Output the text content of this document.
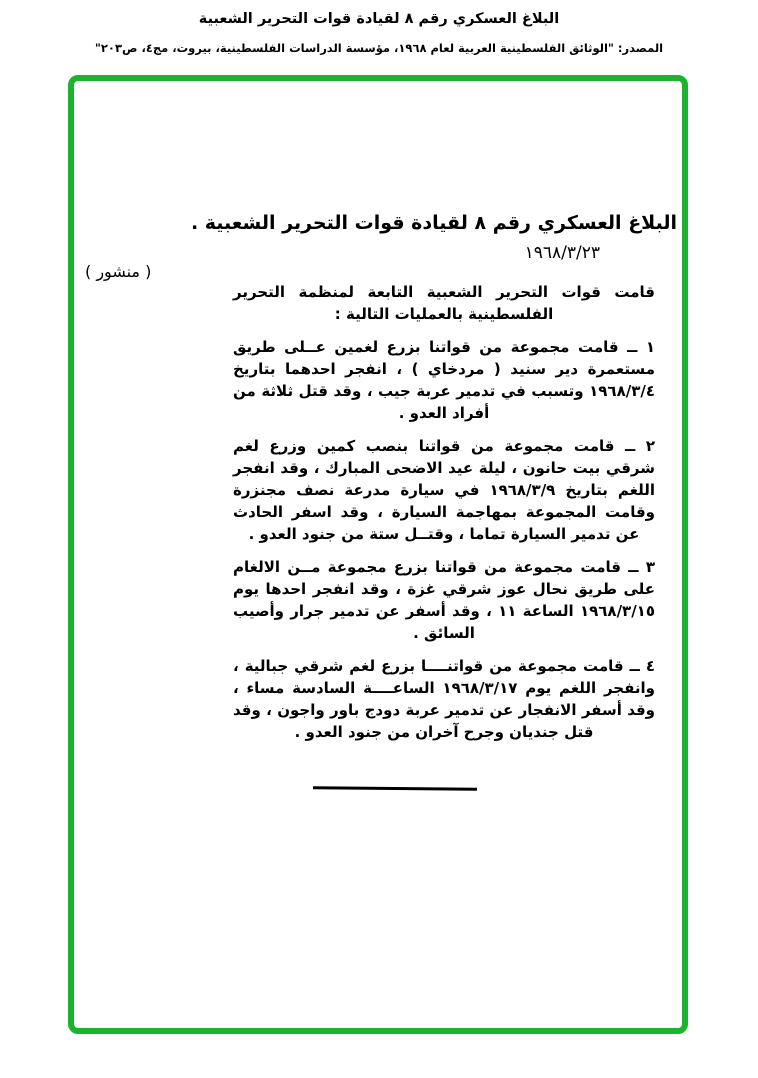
البلاغ العسكري رقم ٨ لقيادة قوات التحرير الشعبية
المصدر: "الوثائق الفلسطينية العربية لعام ١٩٦٨، مؤسسة الدراسات الفلسطينية، بيروت، مج٤، ص٢٠٣"
( منشور )
البلاغ العسكري رقم ٨ لقيادة قوات التحرير الشعبية .
١٩٦٨/٣/٢٣

قامت قوات التحرير الشعبية التابعة لمنظمة التحرير الفلسطينية بالعمليات التالية :

١ ــ قامت مجموعة من قواتنا بزرع لغمين عــلى طريق مستعمرة دير سنيد ( مردخاي ) ، انفجر احدهما بتاريخ ١٩٦٨/٣/٤ وتسبب في تدمير عربة جيب ، وقد قتل ثلاثة من أفراد العدو .

٢ ــ قامت مجموعة من قواتنا بنصب كمين وزرع لغم شرقي بيت حانون ، ليلة عيد الاضحى المبارك ، وقد انفجر اللغم بتاريخ ١٩٦٨/٣/٩ في سيارة مدرعة نصف مجنزرة وقامت المجموعة بمهاجمة السيارة ، وقد اسفر الحادث عن تدمير السيارة تماما ، وقتــل ستة من جنود العدو .

٣ ــ قامت مجموعة من قواتنا بزرع مجموعة مــن الالغام على طريق نحال عوز شرقي غزة ، وقد انفجر احدها يوم ١٩٦٨/٣/١٥ الساعة ١١ ، وقد أسفر عن تدمير جرار وأصيب السائق .

٤ ــ قامت مجموعة من قواتنــــا بزرع لغم شرقي جبالية ، وانفجر اللغم يوم ١٩٦٨/٣/١٧ الساعــــة السادسة مساء ، وقد أسفر الانفجار عن تدمير عربة دودج باور واجون ، وقد قتل جنديان وجرح آخران من جنود العدو .
